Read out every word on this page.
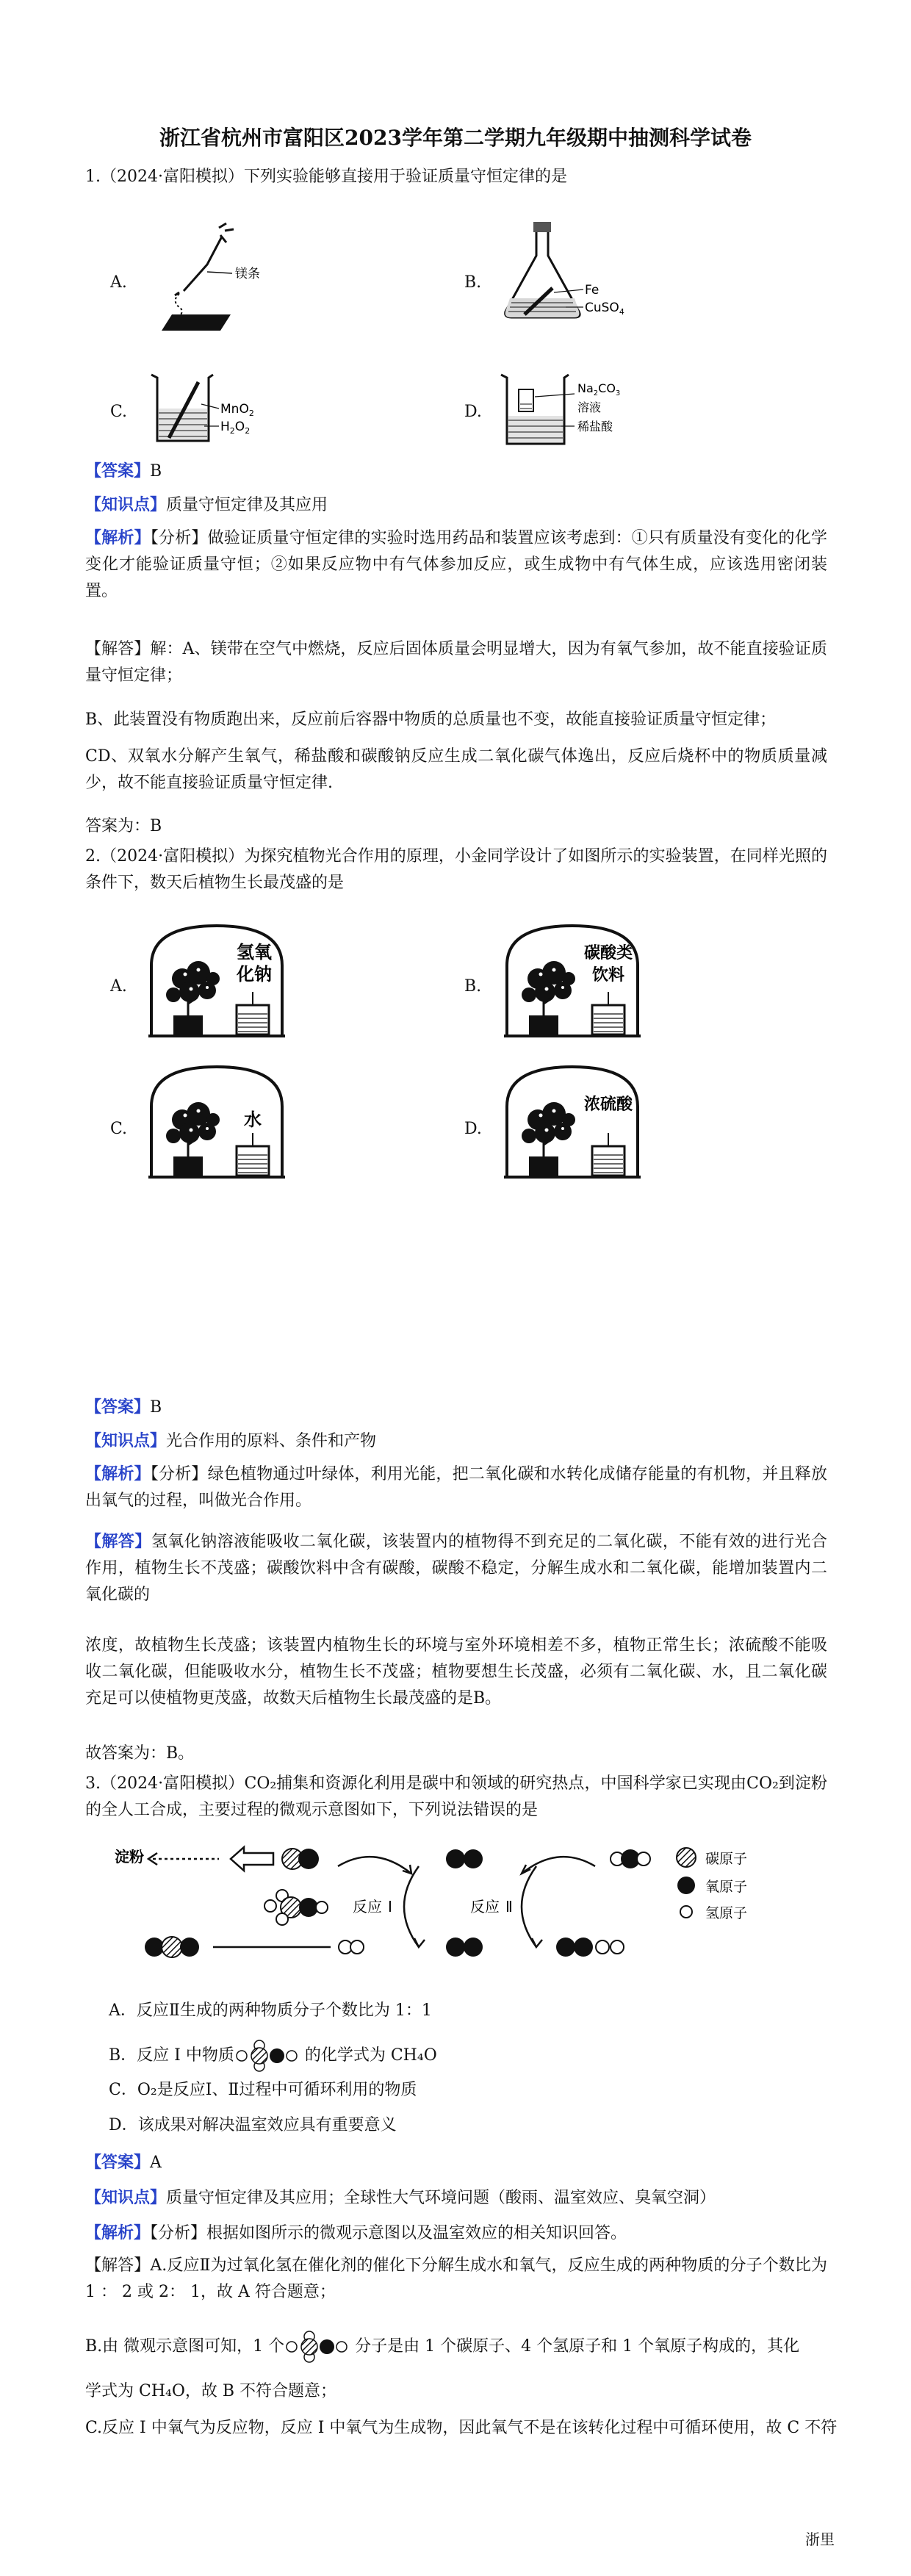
浙江省杭州市富阳区2023学年第二学期九年级期中抽测科学试卷
1.（2024·富阳模拟）下列实验能够直接用于验证质量守恒定律的是
A.	镁条	B.	Fe
CuSO$_4$
C.	MnO$_2$
$H_2O_2$
D.
$Na_2CO_3$
溶液
稀盐酸
【答案】B
【知识点】质量守恒定律及其应用
【解析】【分析】做验证质量守恒定律的实验时选用药品和装置应该考虑到：①只有质量没有变化的化学变化才能验证质量守恒；②如果反应物中有气体参加反应，或生成物中有气体生成，应该选用密闭装置。
【解答】解：A、镁带在空气中燃烧，反应后固体质量会明显增大，因为有氧气参加，故不能直接验证质量守恒定律；
B、此装置没有物质跑出来，反应前后容器中物质的总质量也不变，故能直接验证质量守恒定律；
CD、双氧水分解产生氧气，稀盐酸和碳酸钠反应生成二氧化碳气体逸出，反应后烧杯中的物质质量减少，故不能直接验证质量守恒定律.
答案为：B
2.（2024·富阳模拟）为探究植物光合作用的原理，小金同学设计了如图所示的实验装置，在同样光照的条件下，数天后植物生长最茂盛的是
A.
氢氧
化钠
B.
碳酸类
饮料
C.	水	D.
浓硫酸
【答案】B
【知识点】光合作用的原料、条件和产物
【解析】【分析】绿色植物通过叶绿体，利用光能，把二氧化碳和水转化成储存能量的有机物，并且释放出氧气的过程，叫做光合作用。
【解答】氢氧化钠溶液能吸收二氧化碳，该装置内的植物得不到充足的二氧化碳，不能有效的进行光合作用，植物生长不茂盛；碳酸饮料中含有碳酸，碳酸不稳定，分解生成水和二氧化碳，能增加装置内二氧化碳的
浓度，故植物生长茂盛；该装置内植物生长的环境与室外环境相差不多，植物正常生长；浓硫酸不能吸收二氧化碳，但能吸收水分，植物生长不茂盛；植物要想生长茂盛，必须有二氧化碳、水，且二氧化碳充足可以使植物更茂盛，故数天后植物生长最茂盛的是B。
故答案为：B。
3.（2024·富阳模拟）CO₂捕集和资源化利用是碳中和领域的研究热点，中国科学家已实现由CO₂到淀粉的全人工合成，主要过程的微观示意图如下，下列说法错误的是
淀粉	碳原子
氧原子
氢原子
反应 Ⅰ	反应 Ⅱ
A．反应Ⅱ生成的两种物质分子个数比为 1：1
B．反应 I 中物质	的化学式为 CH₄O
C．O₂是反应Ⅰ、Ⅱ过程中可循环利用的物质
D．该成果对解决温室效应具有重要意义
【答案】A
【知识点】质量守恒定律及其应用；全球性大气环境问题（酸雨、温室效应、臭氧空洞）
【解析】【分析】根据如图所示的微观示意图以及温室效应的相关知识回答。
【解答】A.反应Ⅱ为过氧化氢在催化剂的催化下分解生成水和氧气，反应生成的两种物质的分子个数比为 1 ： 2 或 2： 1，故 A 符合题意；
B.由 微观示意图可知，1 个	分子是由 1 个碳原子、4 个氢原子和 1 个氧原子构成的，其化
学式为 CH₄O，故 B 不符合题意；
C.反应 I 中氧气为反应物，反应 I 中氧气为生成物，因此氧气不是在该转化过程中可循环使用，故 C 不符
浙里
